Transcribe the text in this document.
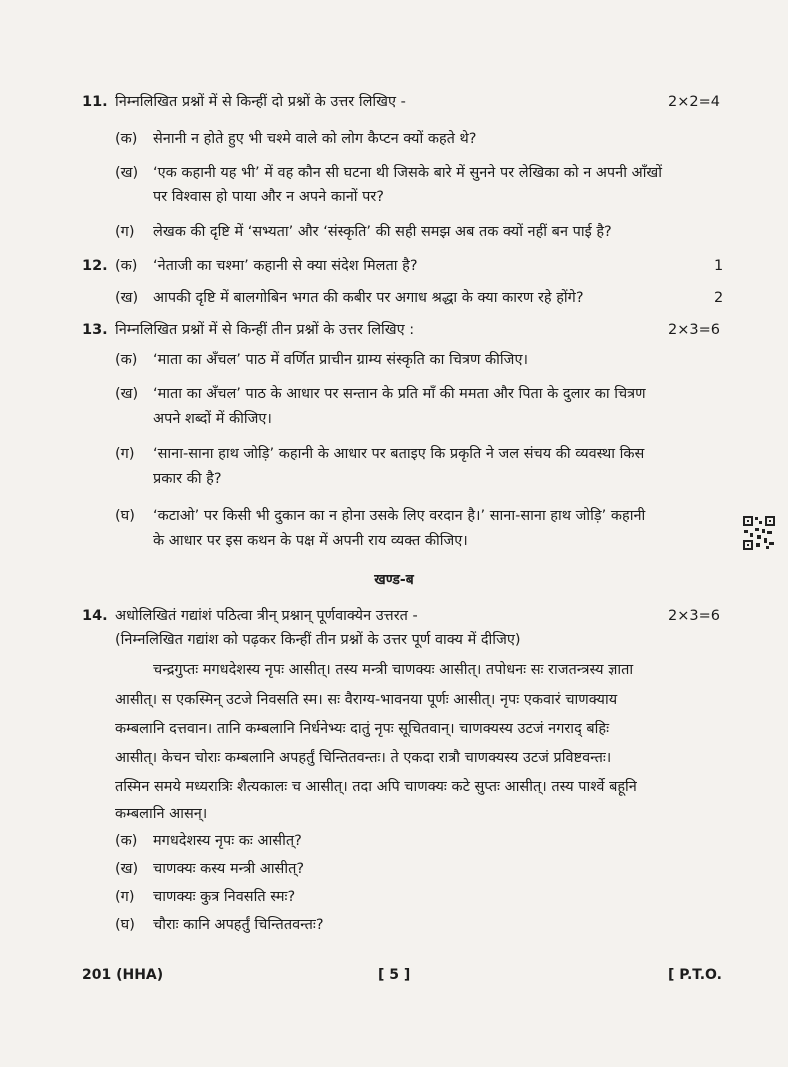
11. निम्नलिखित प्रश्नों में से किन्हीं दो प्रश्नों के उत्तर लिखिए -	2×2=4
(क) सेनानी न होते हुए भी चश्मे वाले को लोग कैप्टन क्यों कहते थे?
(ख) ‘एक कहानी यह भी’ में वह कौन सी घटना थी जिसके बारे में सुनने पर लेखिका को न अपनी आँखों
पर विश्वास हो पाया और न अपने कानों पर?
(ग) लेखक की दृष्टि में ‘सभ्यता’ और ‘संस्कृति’ की सही समझ अब तक क्यों नहीं बन पाई है?
12. (क) ‘नेताजी का चश्मा’ कहानी से क्या संदेश मिलता है?	1
(ख) आपकी दृष्टि में बालगोबिन भगत की कबीर पर अगाध श्रद्धा के क्या कारण रहे होंगे?	2
13. निम्नलिखित प्रश्नों में से किन्हीं तीन प्रश्नों के उत्तर लिखिए :	2×3=6
(क) ‘माता का अँचल’ पाठ में वर्णित प्राचीन ग्राम्य संस्कृति का चित्रण कीजिए।
(ख) ‘माता का अँचल’ पाठ के आधार पर सन्तान के प्रति माँ की ममता और पिता के दुलार का चित्रण
अपने शब्दों में कीजिए।
(ग) ‘साना-साना हाथ जोड़ि’ कहानी के आधार पर बताइए कि प्रकृति ने जल संचय की व्यवस्था किस
प्रकार की है?
(घ) ‘कटाओ’ पर किसी भी दुकान का न होना उसके लिए वरदान है।’ साना-साना हाथ जोड़ि’ कहानी
के आधार पर इस कथन के पक्ष में अपनी राय व्यक्त कीजिए।
खण्ड-ब
14. अधोलिखितं गद्यांशं पठित्वा त्रीन् प्रश्नान् पूर्णवाक्येन उत्तरत -	2×3=6
(निम्नलिखित गद्यांश को पढ़कर किन्हीं तीन प्रश्नों के उत्तर पूर्ण वाक्य में दीजिए)
चन्द्रगुप्तः मगधदेशस्य नृपः आसीत्। तस्य मन्त्री चाणक्यः आसीत्। तपोधनः सः राजतन्त्रस्य ज्ञाता
आसीत्। स एकस्मिन् उटजे निवसति स्म। सः वैराग्य-भावनया पूर्णः आसीत्। नृपः एकवारं चाणक्याय
कम्बलानि दत्तवान। तानि कम्बलानि निर्धनेभ्यः दातुं नृपः सूचितवान्। चाणक्यस्य उटजं नगराद् बहिः
आसीत्। केचन चोराः कम्बलानि अपहर्तुं चिन्तितवन्तः। ते एकदा रात्रौ चाणक्यस्य उटजं प्रविष्टवन्तः।
तस्मिन समये मध्यरात्रिः शैत्यकालः च आसीत्। तदा अपि चाणक्यः कटे सुप्तः आसीत्। तस्य पार्श्वे बहूनि
कम्बलानि आसन्।
(क) मगधदेशस्य नृपः कः आसीत्?
(ख) चाणक्यः कस्य मन्त्री आसीत्?
(ग) चाणक्यः कुत्र निवसति स्मः?
(घ) चौराः कानि अपहर्तुं चिन्तितवन्तः?
201 (HHA)	[ 5 ]	[ P.T.O.
